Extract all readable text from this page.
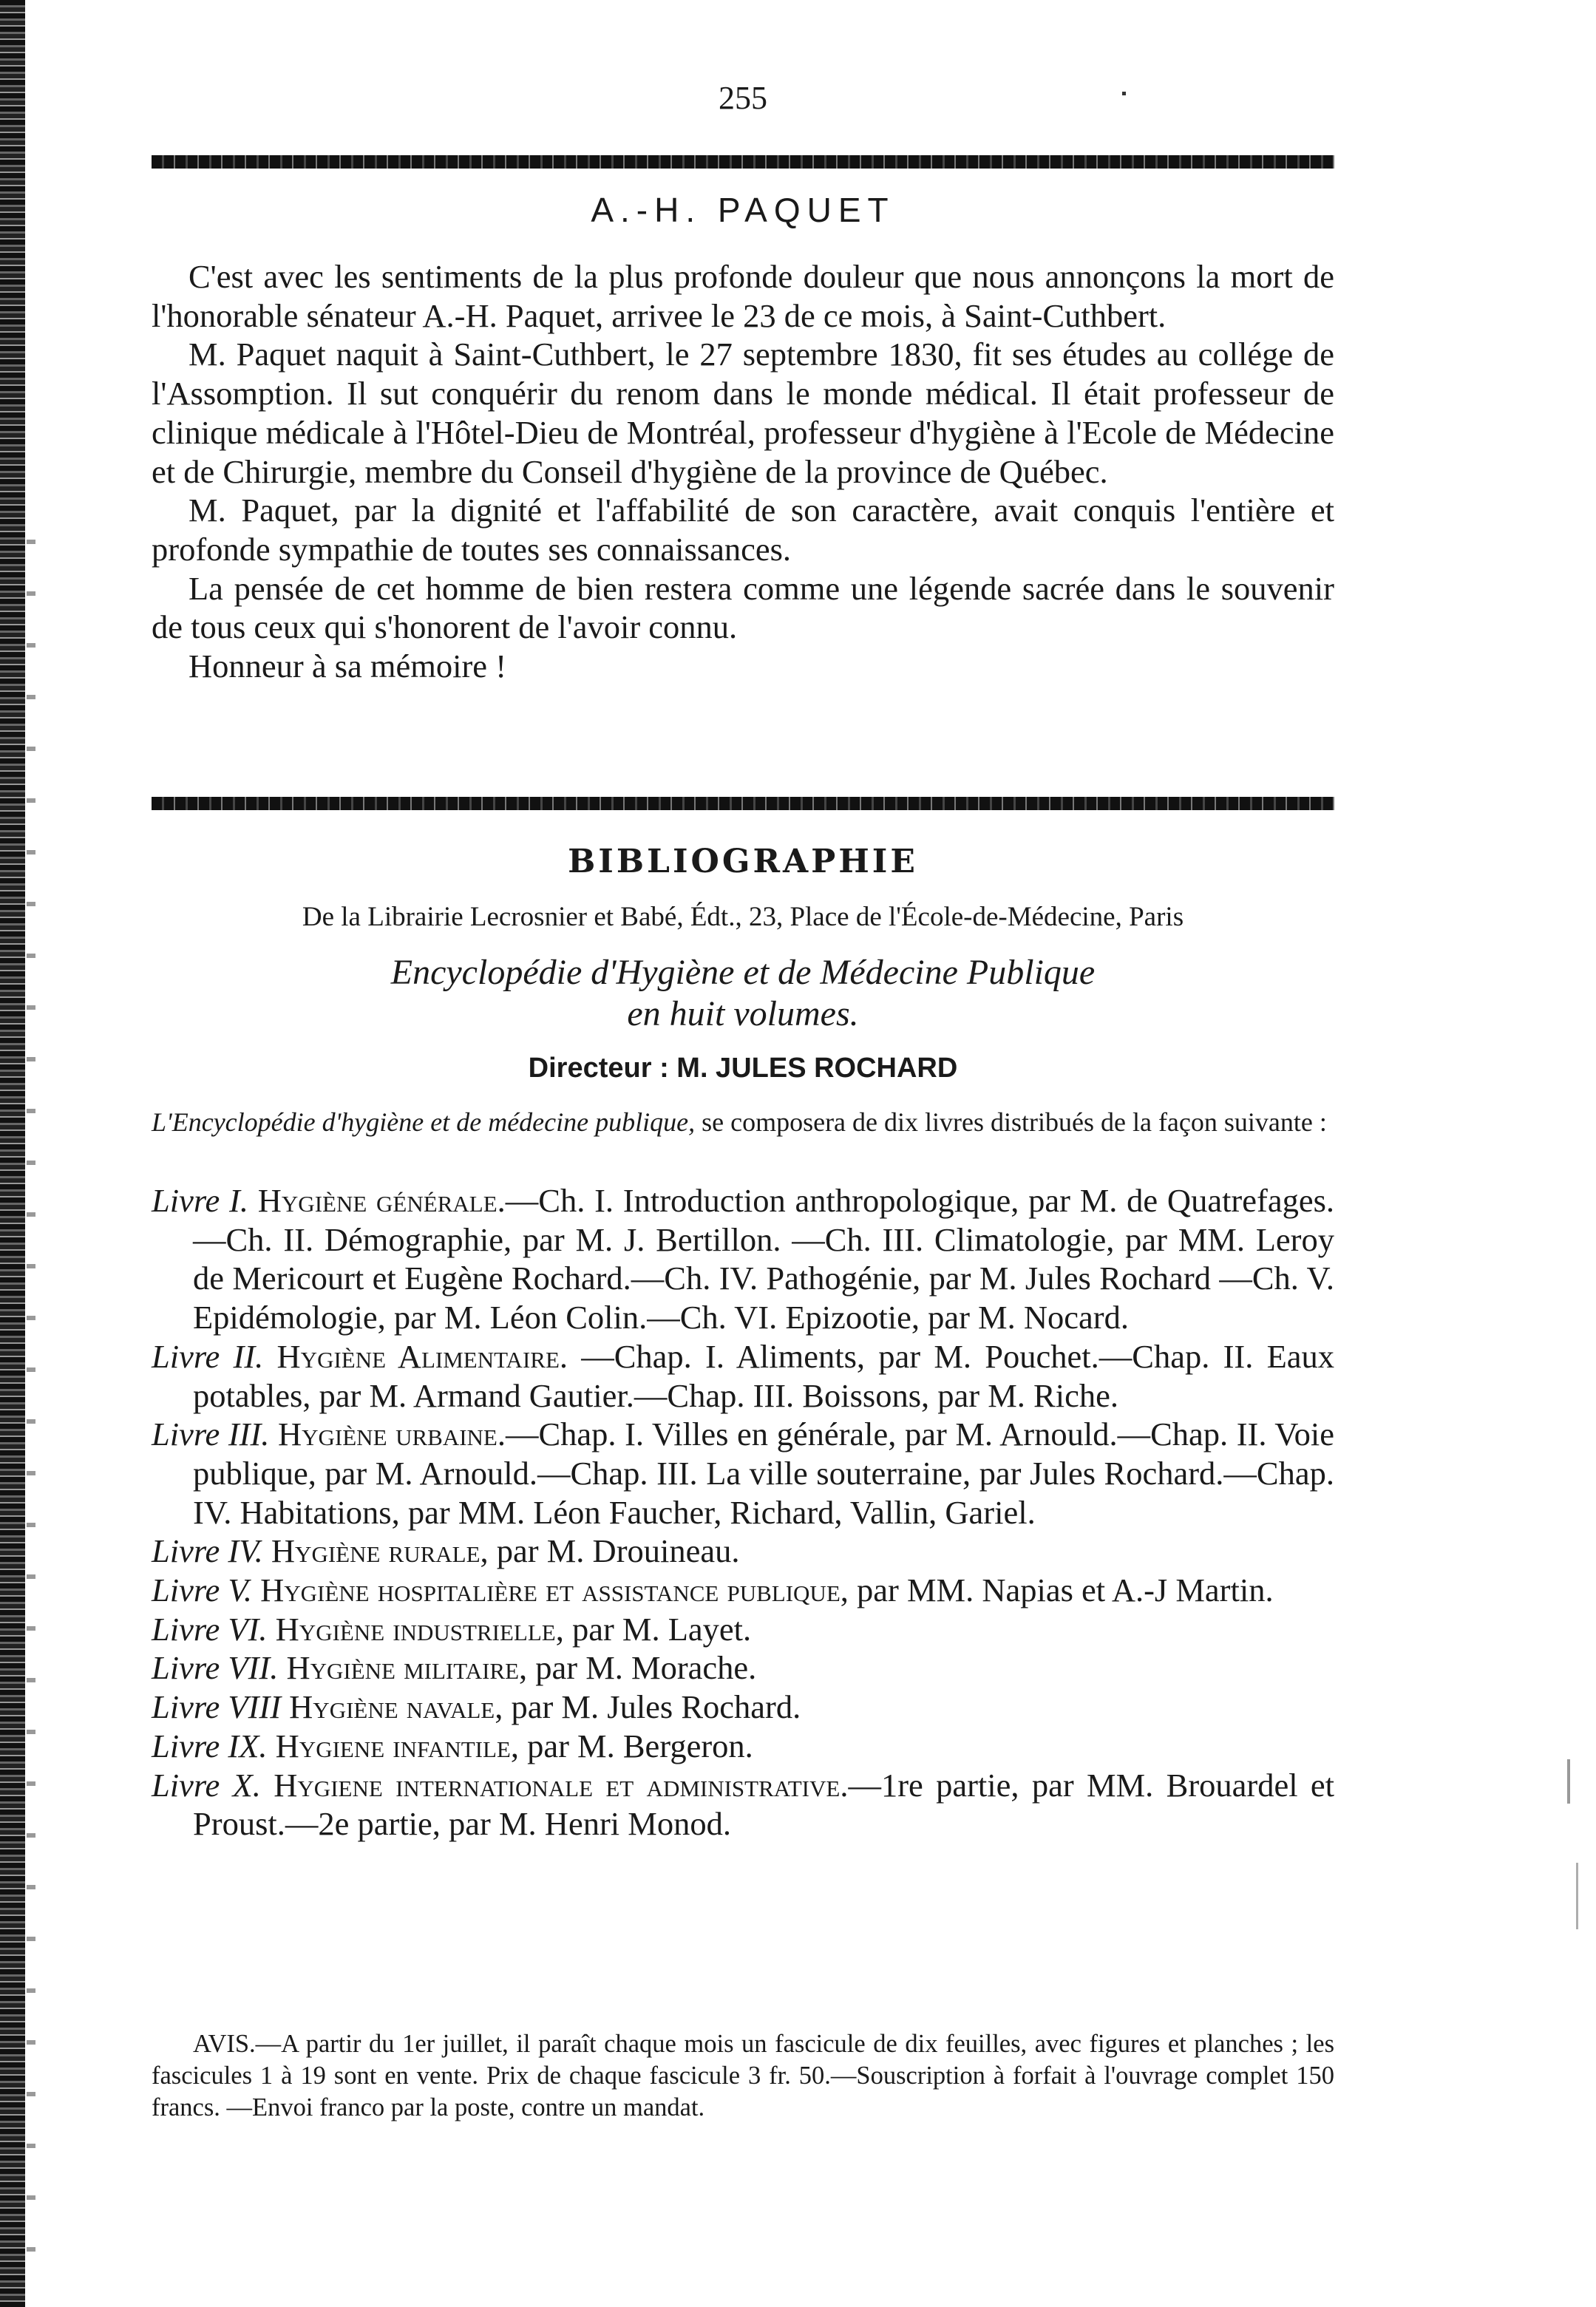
255
A.-H. PAQUET

C'est avec les sentiments de la plus profonde douleur que nous annonçons la mort de l'honorable sénateur A.-H. Paquet, arrivee le 23 de ce mois, à Saint-Cuthbert.

M. Paquet naquit à Saint-Cuthbert, le 27 septembre 1830, fit ses études au collége de l'Assomption. Il sut conquérir du renom dans le monde médical. Il était professeur de clinique médicale à l'Hôtel-Dieu de Montréal, professeur d'hygiène à l'Ecole de Médecine et de Chirurgie, membre du Conseil d'hygiène de la province de Québec.

M. Paquet, par la dignité et l'affabilité de son caractère, avait conquis l'entière et profonde sympathie de toutes ses connaissances.

La pensée de cet homme de bien restera comme une légende sacrée dans le souvenir de tous ceux qui s'honorent de l'avoir connu.

Honneur à sa mémoire !

BIBLIOGRAPHIE
De la Librairie Lecrosnier et Babé, Édt., 23, Place de l'École-de-Médecine, Paris
Encyclopédie d'Hygiène et de Médecine Publique
en huit volumes.
Directeur : M. JULES ROCHARD
L'Encyclopédie d'hygiène et de médecine publique, se composera de dix livres distribués de la façon suivante :

Livre I. Hygiène générale.—Ch. I. Introduction anthropologique, par M. de Quatrefages. —Ch. II. Démographie, par M. J. Bertillon. —Ch. III. Climatologie, par MM. Leroy de Mericourt et Eugène Rochard.—Ch. IV. Pathogénie, par M. Jules Rochard —Ch. V. Epidémologie, par M. Léon Colin.—Ch. VI. Epizootie, par M. Nocard.

Livre II. Hygiène Alimentaire. —Chap. I. Aliments, par M. Pouchet.—Chap. II. Eaux potables, par M. Armand Gautier.—Chap. III. Boissons, par M. Riche.

Livre III. Hygiène urbaine.—Chap. I. Villes en générale, par M. Arnould.—Chap. II. Voie publique, par M. Arnould.—Chap. III. La ville souterraine, par Jules Rochard.—Chap. IV. Habitations, par MM. Léon Faucher, Richard, Vallin, Gariel.

Livre IV. Hygiène rurale, par M. Drouineau.

Livre V. Hygiène hospitalière et assistance publique, par MM. Napias et A.-J Martin.

Livre VI. Hygiène industrielle, par M. Layet.

Livre VII. Hygiène militaire, par M. Morache.

Livre VIII Hygiène navale, par M. Jules Rochard.

Livre IX. Hygiene infantile, par M. Bergeron.

Livre X. Hygiene internationale et administrative.—1re partie, par MM. Brouardel et Proust.—2e partie, par M. Henri Monod.

AVIS.—A partir du 1er juillet, il paraît chaque mois un fascicule de dix feuilles, avec figures et planches ; les fascicules 1 à 19 sont en vente. Prix de chaque fascicule 3 fr. 50.—Souscription à forfait à l'ouvrage complet 150 francs. —Envoi franco par la poste, contre un mandat.
